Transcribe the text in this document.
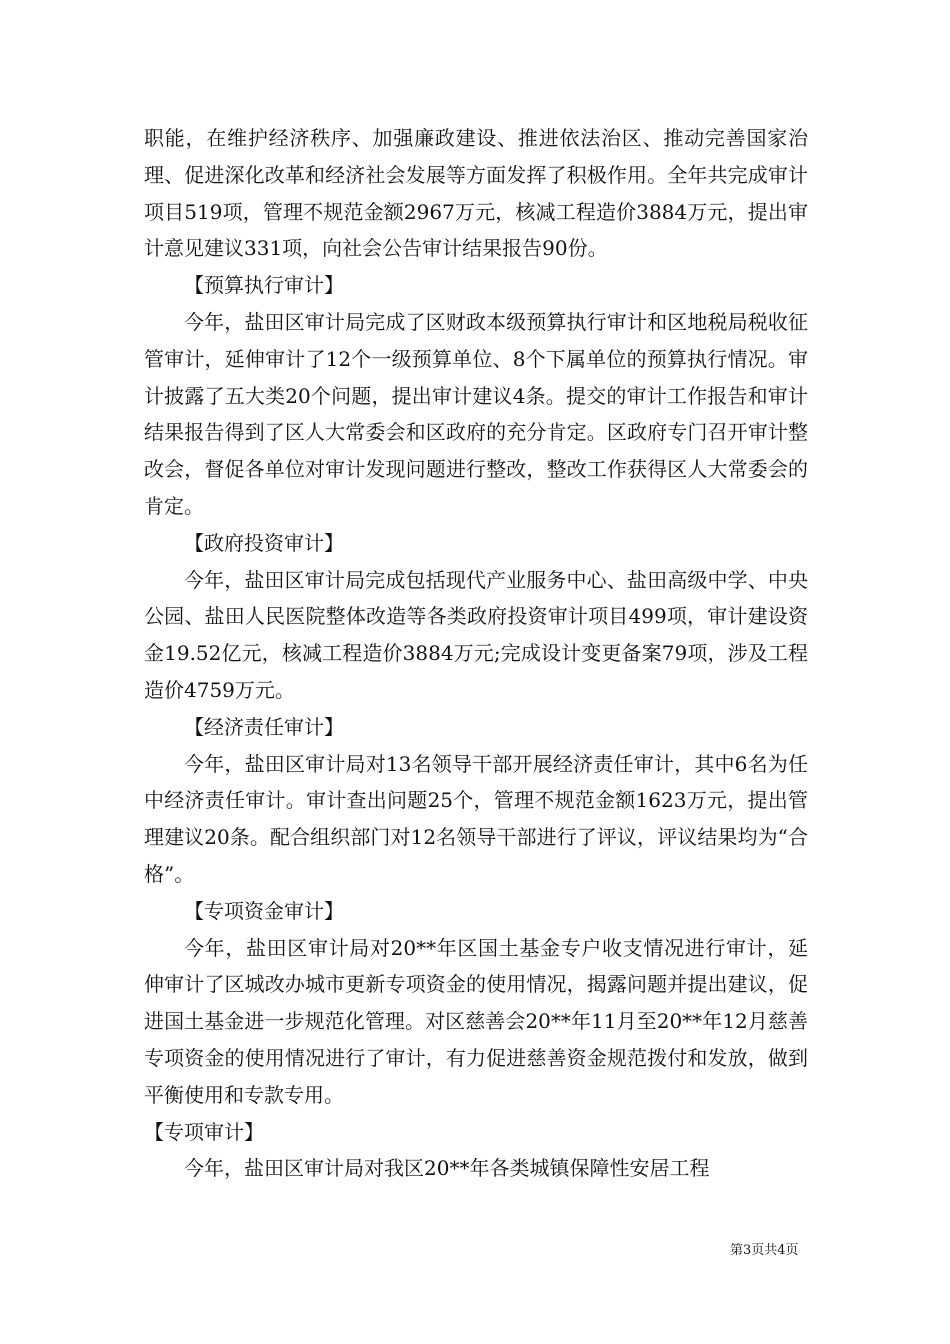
职能，在维护经济秩序、加强廉政建设、推进依法治区、推动完善国家治理、促进深化改革和经济社会发展等方面发挥了积极作用。全年共完成审计项目519项，管理不规范金额2967万元，核减工程造价3884万元，提出审计意见建议331项，向社会公告审计结果报告90份。

【预算执行审计】

今年，盐田区审计局完成了区财政本级预算执行审计和区地税局税收征管审计，延伸审计了12个一级预算单位、8个下属单位的预算执行情况。审计披露了五大类20个问题，提出审计建议4条。提交的审计工作报告和审计结果报告得到了区人大常委会和区政府的充分肯定。区政府专门召开审计整改会，督促各单位对审计发现问题进行整改，整改工作获得区人大常委会的肯定。

【政府投资审计】

今年，盐田区审计局完成包括现代产业服务中心、盐田高级中学、中央公园、盐田人民医院整体改造等各类政府投资审计项目499项，审计建设资金19.52亿元，核减工程造价3884万元;完成设计变更备案79项，涉及工程造价4759万元。

【经济责任审计】

今年，盐田区审计局对13名领导干部开展经济责任审计，其中6名为任中经济责任审计。审计查出问题25个，管理不规范金额1623万元，提出管理建议20条。配合组织部门对12名领导干部进行了评议，评议结果均为“合格”。

【专项资金审计】

今年，盐田区审计局对20**年区国土基金专户收支情况进行审计，延伸审计了区城改办城市更新专项资金的使用情况，揭露问题并提出建议，促进国土基金进一步规范化管理。对区慈善会20**年11月至20**年12月慈善专项资金的使用情况进行了审计，有力促进慈善资金规范拨付和发放，做到平衡使用和专款专用。

【专项审计】

今年，盐田区审计局对我区20**年各类城镇保障性安居工程

第3页共4页
